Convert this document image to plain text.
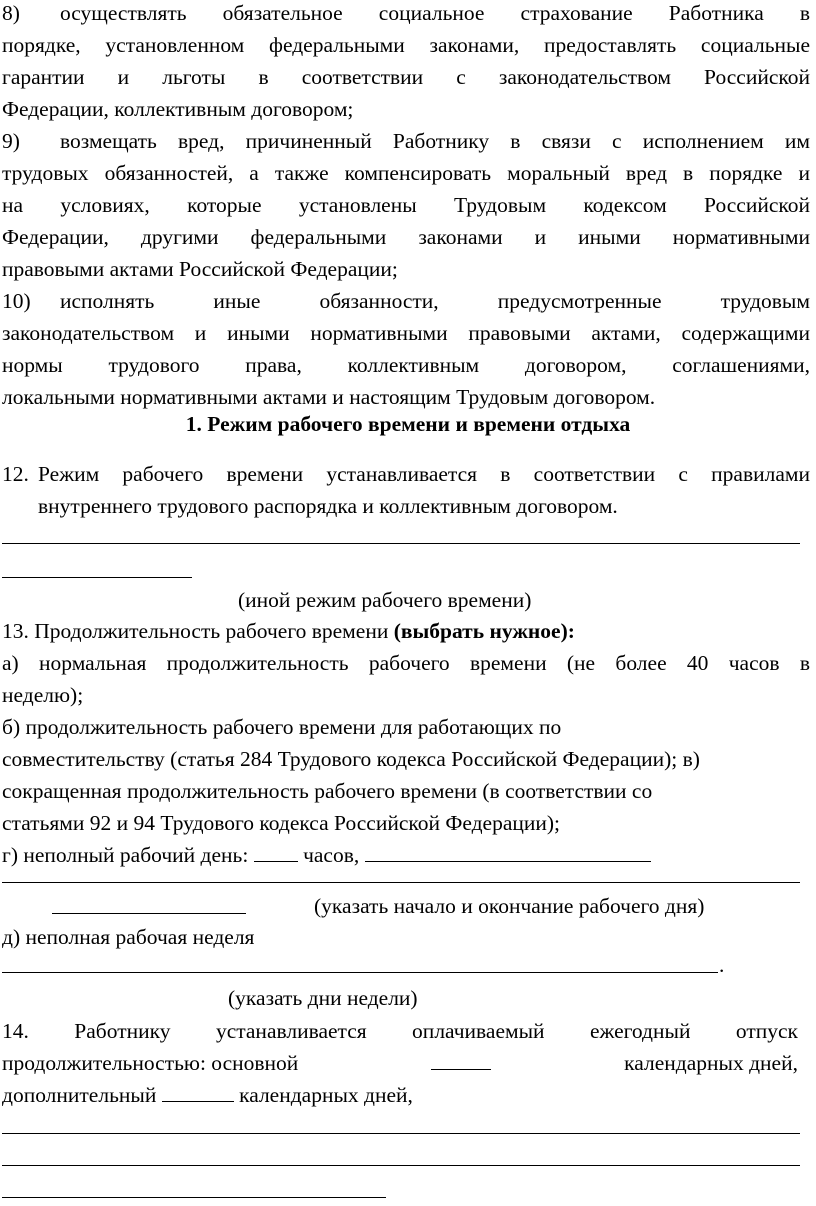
8) осуществлять обязательное социальное страхование Работника в
порядке, установленном федеральными законами, предоставлять социальные
гарантии и льготы в соответствии с законодательством Российской
Федерации, коллективным договором;
9) возмещать вред, причиненный Работнику в связи с исполнением им
трудовых обязанностей, а также компенсировать моральный вред в порядке и
на условиях, которые установлены Трудовым кодексом Российской
Федерации, другими федеральными законами и иными нормативными
правовыми актами Российской Федерации;
10) исполнять иные обязанности, предусмотренные трудовым
законодательством и иными нормативными правовыми актами, содержащими
нормы трудового права, коллективным договором, соглашениями,
локальными нормативными актами и настоящим Трудовым договором.
1. Режим рабочего времени и времени отдыха
12. Режим рабочего времени устанавливается в соответствии с правилами
внутреннего трудового распорядка и коллективным договором.
(иной режим рабочего времени)
13. Продолжительность рабочего времени (выбрать нужное):
а) нормальная продолжительность рабочего времени (не более 40 часов в
неделю);
б) продолжительность рабочего времени для работающих по
совместительству (статья 284 Трудового кодекса Российской Федерации); в)
сокращенная продолжительность рабочего времени (в соответствии со
статьями 92 и 94 Трудового кодекса Российской Федерации);
г) неполный рабочий день:	часов,
(указать начало и окончание рабочего дня)
д) неполная рабочая неделя
.
(указать дни недели)
14. Работнику устанавливается оплачиваемый ежегодный отпуск
продолжительностью: основной	календарных дней,
дополнительный	календарных дней,
